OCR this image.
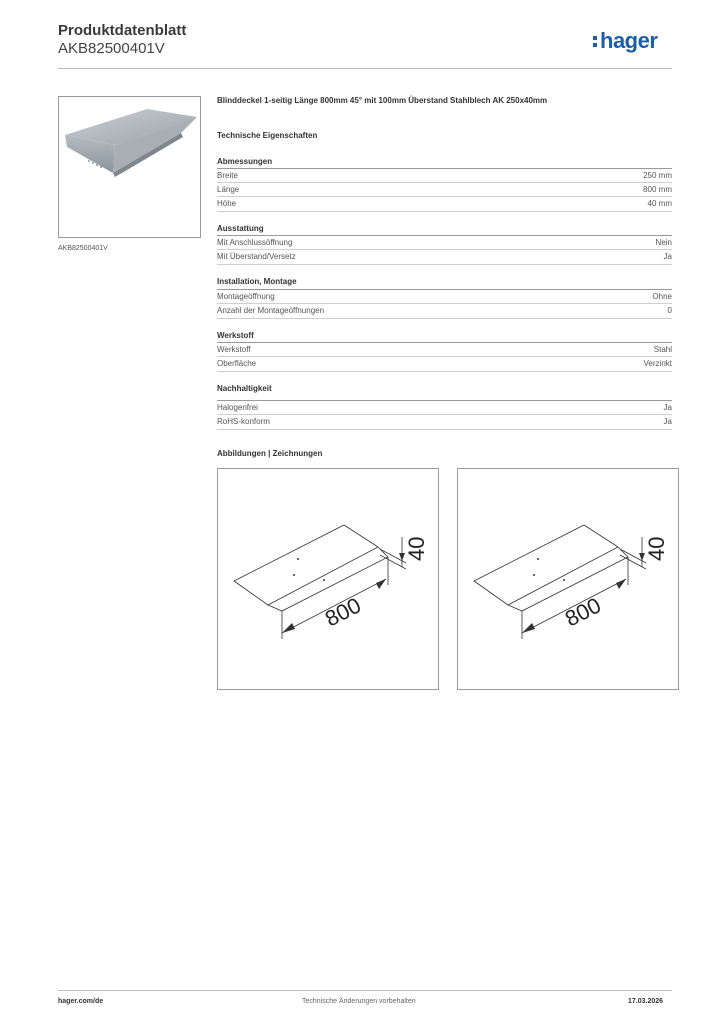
Produktdatenblatt
AKB82500401V	hager
AKB82500401V
Blinddeckel 1-seitig Länge 800mm 45° mit 100mm Überstand Stahlblech AK 250x40mm
Technische Eigenschaften
Abmessungen
Breite	250 mm
Länge	800 mm
Höhe	40 mm
Ausstattung
Mit Anschlussöffnung	Nein
Mit Überstand/Versetz	Ja
Installation, Montage
Montageöffnung	Ohne
Anzahl der Montageöffnungen	0
Werkstoff
Werkstoff	Stahl
Oberfläche	Verzinkt
Nachhaltigkeit
Halogenfrei	Ja
RoHS-konform	Ja
Abbildungen | Zeichnungen
800
40
800
40
hager.com/de	Technische Änderungen vorbehalten	17.03.2026
